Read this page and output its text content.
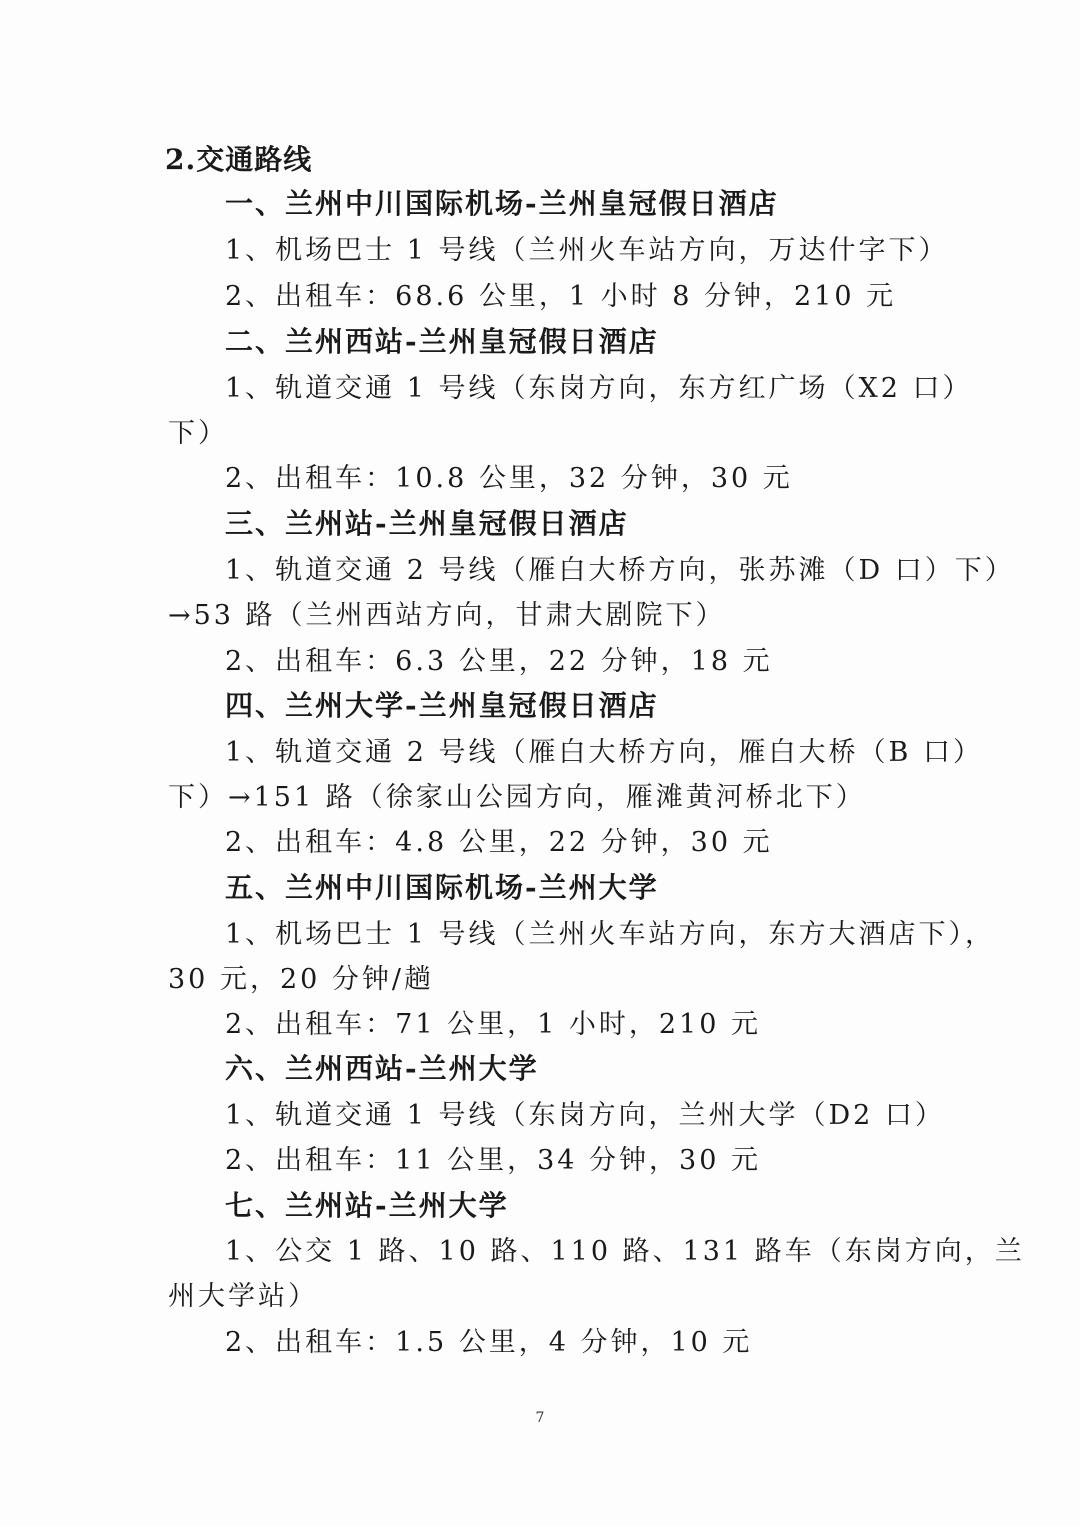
2.交通路线
一、兰州中川国际机场-兰州皇冠假日酒店
1、机场巴士 1 号线（兰州火车站方向，万达什字下）
2、出租车：68.6 公里，1 小时 8 分钟，210 元
二、兰州西站-兰州皇冠假日酒店
1、轨道交通 1 号线（东岗方向，东方红广场（X2 口）
下）
2、出租车：10.8 公里，32 分钟，30 元
三、兰州站-兰州皇冠假日酒店
1、轨道交通 2 号线（雁白大桥方向，张苏滩（D 口）下）
→53 路（兰州西站方向，甘肃大剧院下）
2、出租车：6.3 公里，22 分钟，18 元
四、兰州大学-兰州皇冠假日酒店
1、轨道交通 2 号线（雁白大桥方向，雁白大桥（B 口）
下）→151 路（徐家山公园方向，雁滩黄河桥北下）
2、出租车：4.8 公里，22 分钟，30 元
五、兰州中川国际机场-兰州大学
1、机场巴士 1 号线（兰州火车站方向，东方大酒店下），
30 元，20 分钟/趟
2、出租车：71 公里，1 小时，210 元
六、兰州西站-兰州大学
1、轨道交通 1 号线（东岗方向，兰州大学（D2 口）
2、出租车：11 公里，34 分钟，30 元
七、兰州站-兰州大学
1、公交 1 路、10 路、110 路、131 路车（东岗方向，兰
州大学站）
2、出租车：1.5 公里，4 分钟，10 元
7
